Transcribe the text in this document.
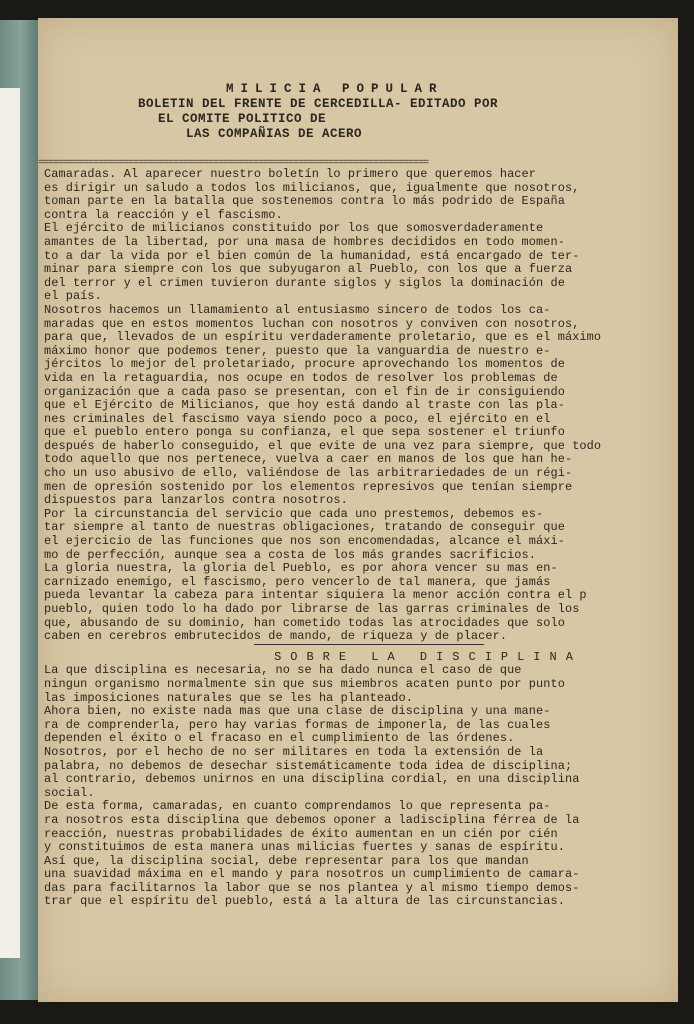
MILICIA POPULAR
BOLETIN DEL FRENTE DE CERCEDILLA- EDITADO POR
EL COMITE POLITICO DE
LAS COMPAÑIAS DE ACERO
==============================================================================

Camaradas. Al aparecer nuestro boletín lo primero que queremos hacer

es dirigir un saludo a todos los milicianos, que, igualmente que nosotros,

toman parte en la batalla que sostenemos contra lo más podrido de España

contra la reacción y el fascismo.

El ejército de milicianos constituido por los que somosverdaderamente

amantes de la libertad, por una masa de hombres decididos en todo momen-

to a dar la vida por el bien común de la humanidad, está encargado de ter-

minar para siempre con los que subyugaron al Pueblo, con los que a fuerza

del terror y el crimen tuvieron durante siglos y siglos la dominación de

el país.

Nosotros hacemos un llamamiento al entusiasmo sincero de todos los ca-

maradas que en estos momentos luchan con nosotros y conviven con nosotros,

para que, llevados de un espíritu verdaderamente proletario, que es el máximo

máximo honor que podemos tener, puesto que la vanguardia de nuestro e-

jércitos lo mejor del proletariado, procure aprovechando los momentos de

vida en la retaguardia, nos ocupe en todos de resolver los problemas de

organización que a cada paso se presentan, con el fin de ir consiguiendo

que el Ejército de Milicianos, que hoy está dando al traste con las pla-

nes criminales del fascismo vaya siendo poco a poco, el ejército en el

que el pueblo entero ponga su confianza, el que sepa sostener el triunfo

después de haberlo conseguido, el que evite de una vez para siempre, que todo

todo aquello que nos pertenece, vuelva a caer en manos de los que han he-

cho un uso abusivo de ello, valiéndose de las arbitrariedades de un régi-

men de opresión sostenido por los elementos represivos que tenían siempre

dispuestos para lanzarlos contra nosotros.

Por la circunstancia del servicio que cada uno prestemos, debemos es-

tar siempre al tanto de nuestras obligaciones, tratando de conseguir que

el ejercicio de las funciones que nos son encomendadas, alcance el máxi-

mo de perfección, aunque sea a costa de los más grandes sacrificios.

La gloria nuestra, la gloria del Pueblo, es por ahora vencer su mas en-

carnizado enemigo, el fascismo, pero vencerlo de tal manera, que jamás

pueda levantar la cabeza para intentar siquiera la menor acción contra el p

pueblo, quien todo lo ha dado por librarse de las garras criminales de los

que, abusando de su dominio, han cometido todas las atrocidades que solo

caben en cerebros embrutecidos de mando, de riqueza y de placer.

SOBRE LA DISCIPLINA

La que disciplina es necesaria, no se ha dado nunca el caso de que

ningun organismo normalmente sin que sus miembros acaten punto por punto

las imposiciones naturales que se les ha planteado.

Ahora bien, no existe nada mas que una clase de disciplina y una mane-

ra de comprenderla, pero hay varias formas de imponerla, de las cuales

dependen el éxito o el fracaso en el cumplimiento de las órdenes.

Nosotros, por el hecho de no ser militares en toda la extensión de la

palabra, no debemos de desechar sistemáticamente toda idea de disciplina;

al contrario, debemos unirnos en una disciplina cordial, en una disciplina

social.

De esta forma, camaradas, en cuanto comprendamos lo que representa pa-

ra nosotros esta disciplina que debemos oponer a ladisciplina férrea de la

reacción, nuestras probabilidades de éxito aumentan en un cién por cién

y constituimos de esta manera unas milicias fuertes y sanas de espíritu.

Así que, la disciplina social, debe representar para los que mandan

una suavidad máxima en el mando y para nosotros un cumplimiento de camara-

das para facilitarnos la labor que se nos plantea y al mismo tiempo demos-

trar que el espíritu del pueblo, está a la altura de las circunstancias.
